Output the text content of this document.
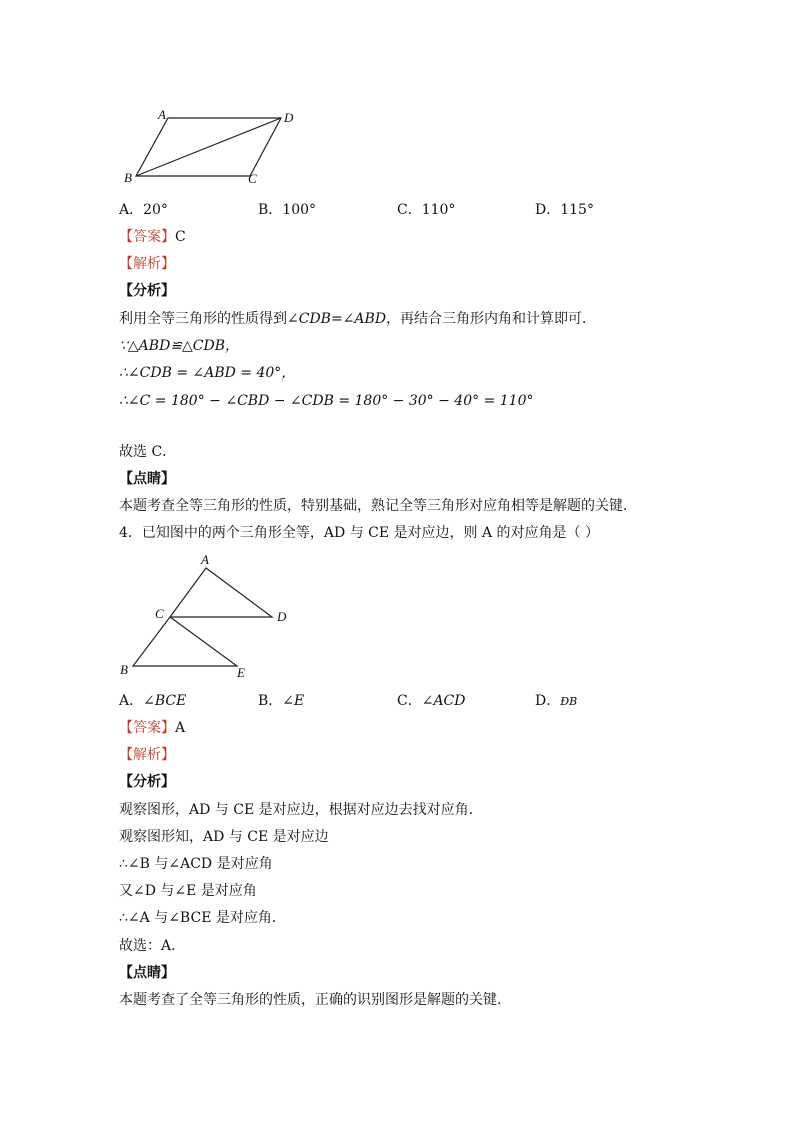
A	D
B	C
A．20°	B．100°	C．110°	D．115°
【答案】C
【解析】
【分析】
利用全等三角形的性质得到∠CDB=∠ABD，再结合三角形内角和计算即可．
∵△ABD≌△CDB，
∴∠CDB = ∠ABD = 40°，
∴∠C = 180° − ∠CBD − ∠CDB = 180° − 30° − 40° = 110°
故选 C．
【点睛】
本题考查全等三角形的性质，特别基础，熟记全等三角形对应角相等是解题的关键．
4．已知图中的两个三角形全等，AD 与 CE 是对应边，则 A 的对应角是（ ）
A
C	D
B	E
A．∠BCE	B．∠E	C．∠ACD	D．ÐB
【答案】A
【解析】
【分析】
观察图形，AD 与 CE 是对应边，根据对应边去找对应角．
观察图形知，AD 与 CE 是对应边
∴∠B 与∠ACD 是对应角
又∠D 与∠E 是对应角
∴∠A 与∠BCE 是对应角．
故选：A．
【点睛】
本题考查了全等三角形的性质，正确的识别图形是解题的关键．
